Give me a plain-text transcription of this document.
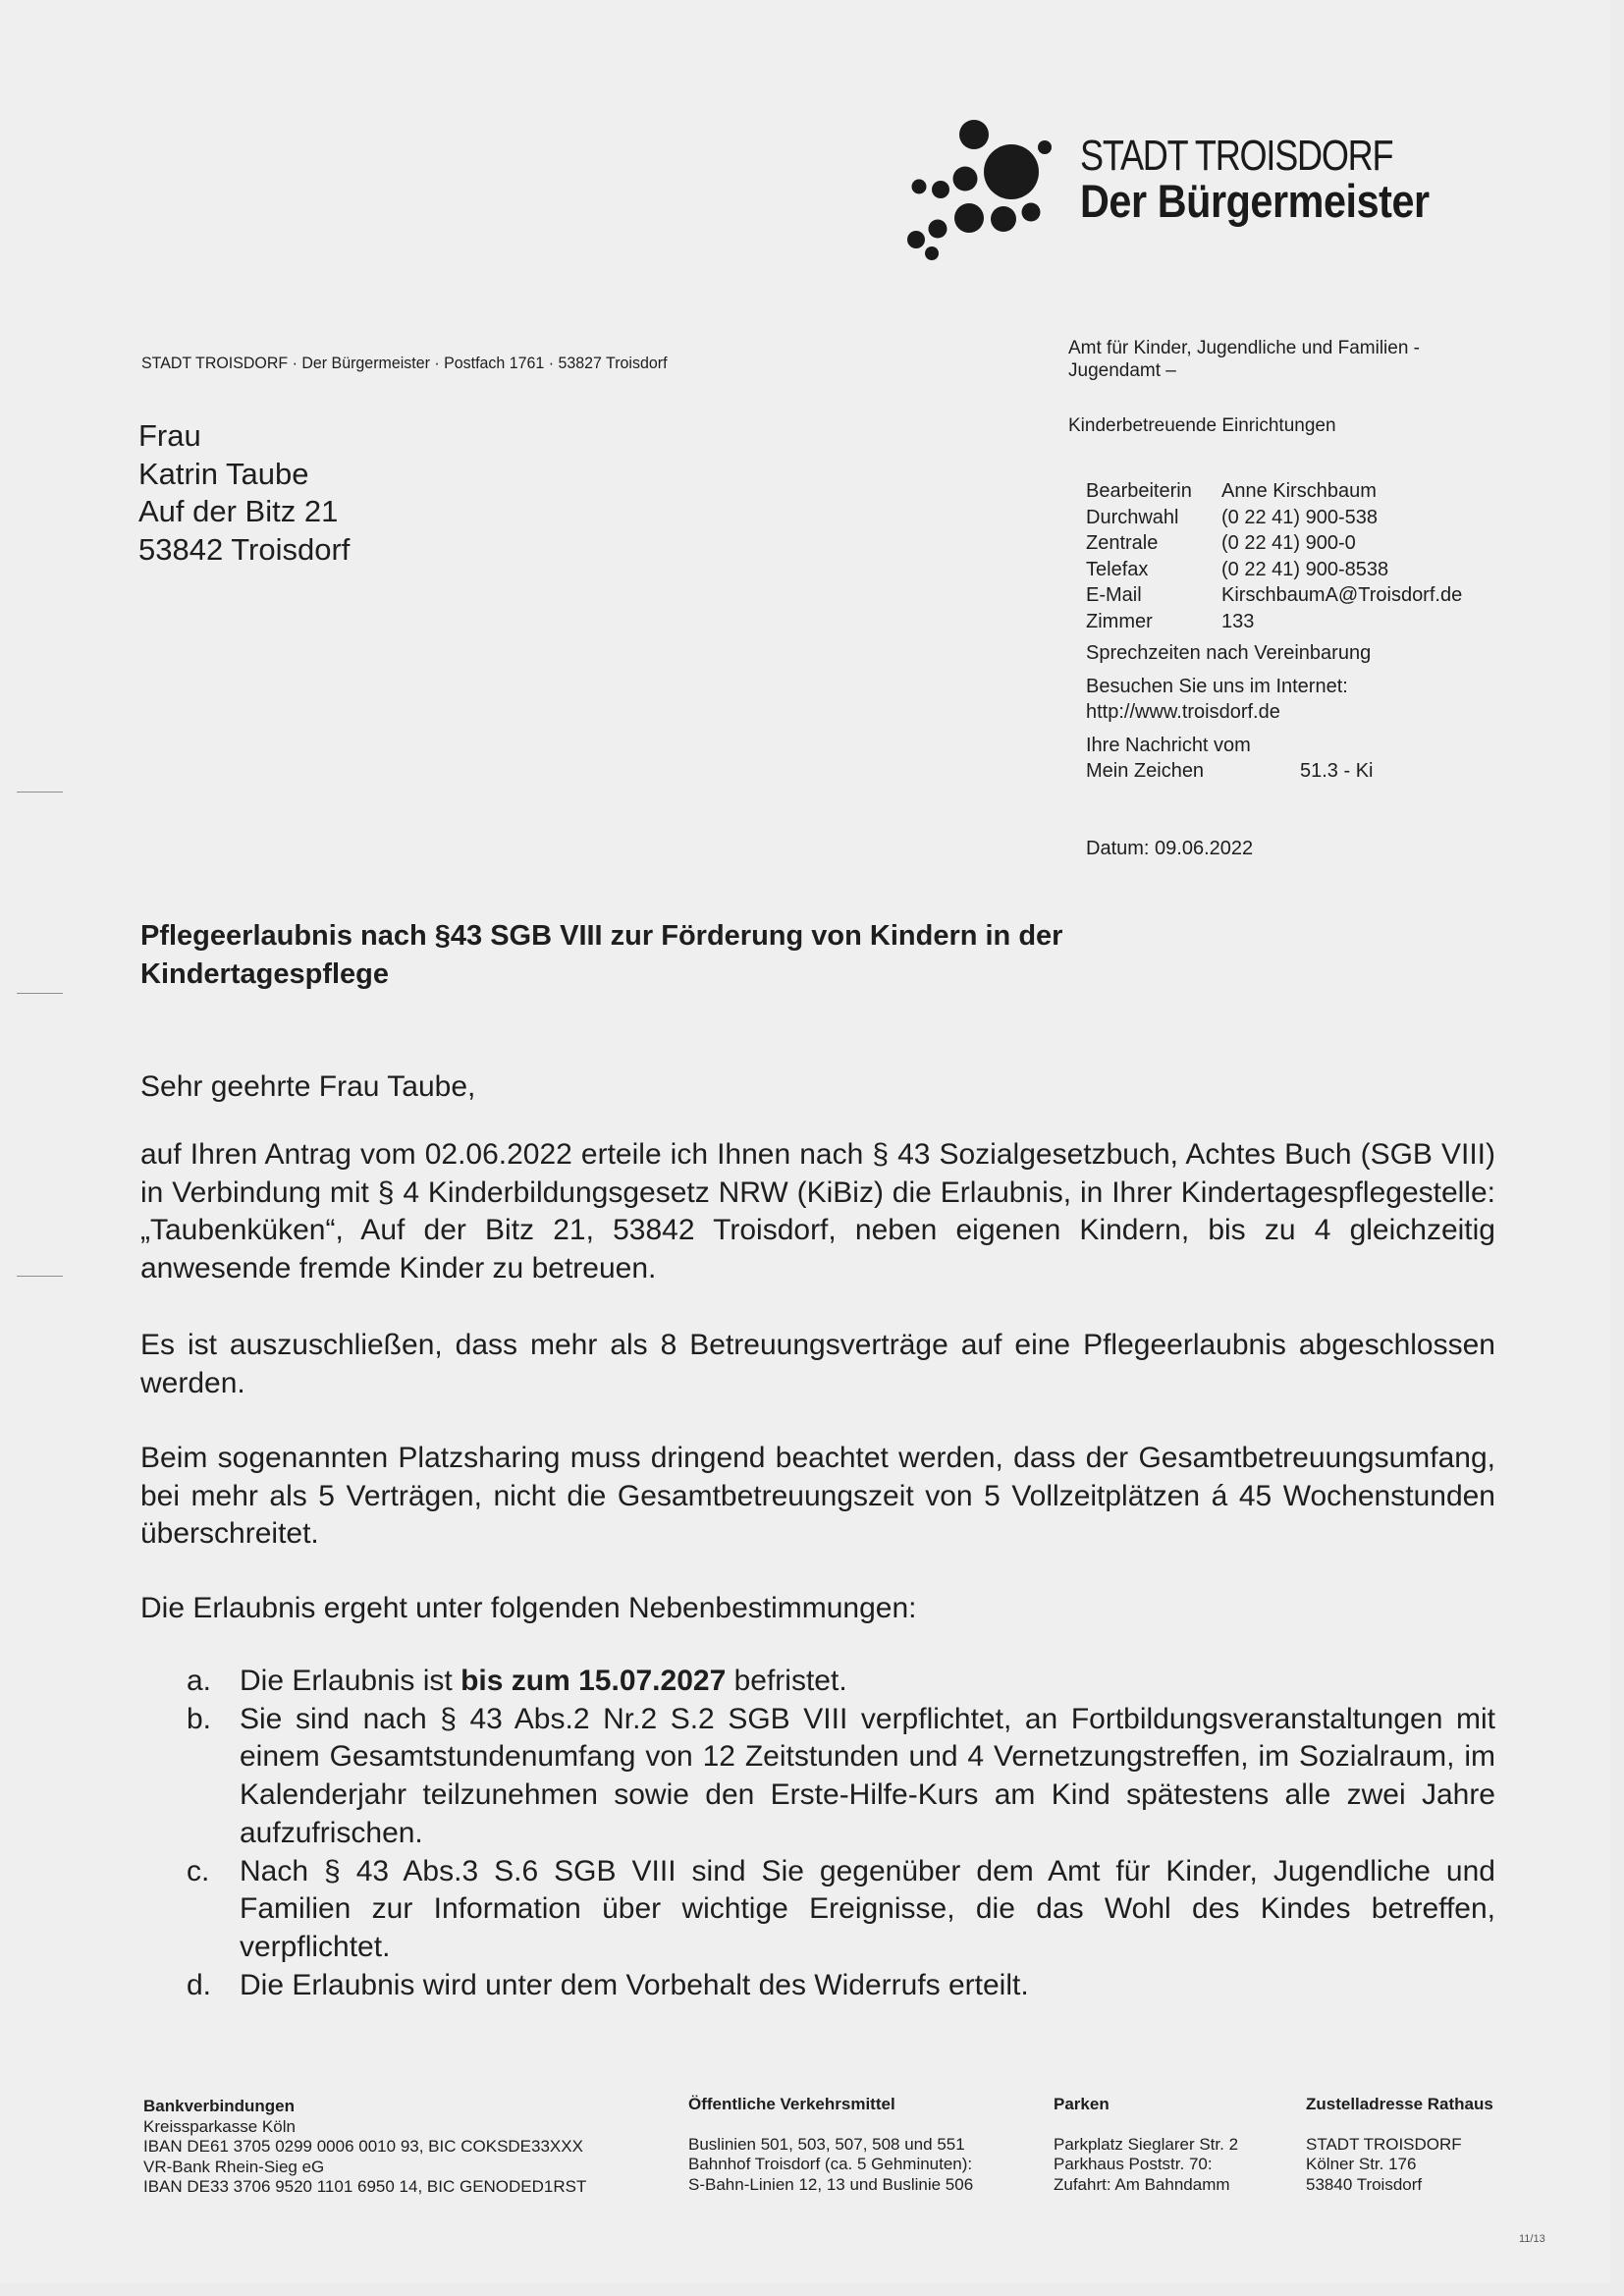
STADT TROISDORF
Der Bürgermeister
STADT TROISDORF · Der Bürgermeister · Postfach 1761 · 53827 Troisdorf
Frau
Katrin Taube
Auf der Bitz 21
53842 Troisdorf
Amt für Kinder, Jugendliche und Familien -
Jugendamt –
Kinderbetreuende Einrichtungen
Bearbeiterin	Anne Kirschbaum
Durchwahl	(0 22 41) 900-538
Zentrale	(0 22 41) 900-0
Telefax	(0 22 41) 900-8538
E-Mail	KirschbaumA@Troisdorf.de
Zimmer	133
Sprechzeiten nach Vereinbarung
Besuchen Sie uns im Internet:
http://www.troisdorf.de
Ihre Nachricht vom
Mein Zeichen	51.3 - Ki
Datum: 09.06.2022
Pflegeerlaubnis nach §43 SGB VIII zur Förderung von Kindern in der Kindertagespflege
Sehr geehrte Frau Taube,
auf Ihren Antrag vom 02.06.2022 erteile ich Ihnen nach § 43 Sozialgesetzbuch, Achtes Buch (SGB VIII) in Verbindung mit § 4 Kinderbildungsgesetz NRW (KiBiz) die Erlaubnis, in Ihrer Kindertagespflegestelle: „Taubenküken“, Auf der Bitz 21, 53842 Troisdorf, neben eigenen Kindern, bis zu 4 gleichzeitig anwesende fremde Kinder zu betreuen.
Es ist auszuschließen, dass mehr als 8 Betreuungsverträge auf eine Pflegeerlaubnis abgeschlossen werden.
Beim sogenannten Platzsharing muss dringend beachtet werden, dass der Gesamtbetreuungsumfang, bei mehr als 5 Verträgen, nicht die Gesamtbetreuungszeit von 5 Vollzeitplätzen á 45 Wochenstunden überschreitet.
Die Erlaubnis ergeht unter folgenden Nebenbestimmungen:
a. Die Erlaubnis ist bis zum 15.07.2027 befristet.
b. Sie sind nach § 43 Abs.2 Nr.2 S.2 SGB VIII verpflichtet, an Fortbildungsveranstaltungen mit einem Gesamtstundenumfang von 12 Zeitstunden und 4 Vernetzungstreffen, im Sozialraum, im Kalenderjahr teilzunehmen sowie den Erste-Hilfe-Kurs am Kind spätestens alle zwei Jahre aufzufrischen.
c. Nach § 43 Abs.3 S.6 SGB VIII sind Sie gegenüber dem Amt für Kinder, Jugendliche und Familien zur Information über wichtige Ereignisse, die das Wohl des Kindes betreffen, verpflichtet.
d. Die Erlaubnis wird unter dem Vorbehalt des Widerrufs erteilt.
Bankverbindungen
Kreissparkasse Köln
IBAN DE61 3705 0299 0006 0010 93, BIC COKSDE33XXX
VR-Bank Rhein-Sieg eG
IBAN DE33 3706 9520 1101 6950 14, BIC GENODED1RST
Öffentliche Verkehrsmittel
Buslinien 501, 503, 507, 508 und 551
Bahnhof Troisdorf (ca. 5 Gehminuten):
S-Bahn-Linien 12, 13 und Buslinie 506
Parken
Parkplatz Sieglarer Str. 2
Parkhaus Poststr. 70:
Zufahrt: Am Bahndamm
Zustelladresse Rathaus
STADT TROISDORF
Kölner Str. 176
53840 Troisdorf
11/13
